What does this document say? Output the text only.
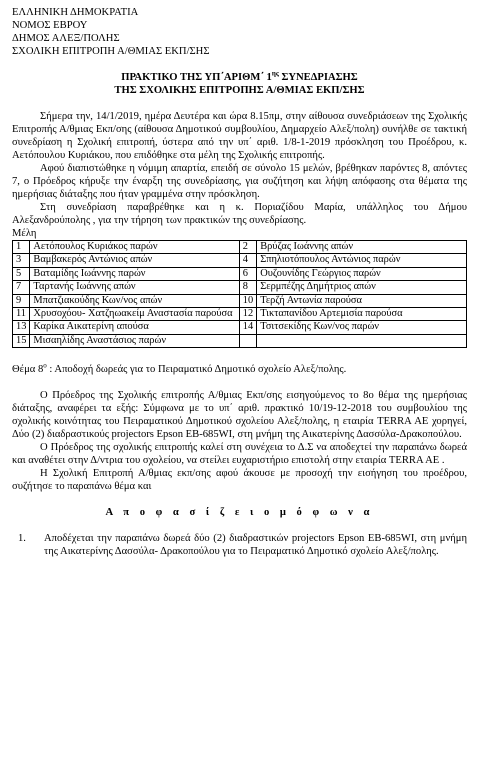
ΕΛΛΗΝΙΚΗ ΔΗΜΟΚΡΑΤΙΑ
ΝΟΜΟΣ ΕΒΡΟΥ
ΔΗΜΟΣ ΑΛΕΞ/ΠΟΛΗΣ
ΣΧΟΛΙΚΗ ΕΠΙΤΡΟΠΗ Α/ΘΜΙΑΣ ΕΚΠ/ΣΗΣ
ΠΡΑΚΤΙΚΟ ΤΗΣ ΥΠ΄ΑΡΙΘΜ΄ $1^{\eta\varsigma}$ ΣΥΝΕΔΡΙΑΣΗΣ
ΤΗΣ ΣΧΟΛΙΚΗΣ ΕΠΙΤΡΟΠΗΣ Α/ΘΜΙΑΣ ΕΚΠ/ΣΗΣ

Σήμερα την, 14/1/2019, ημέρα Δευτέρα και ώρα 8.15πμ, στην αίθουσα συνεδριάσεων της Σχολικής Επιτροπής Α/θμιας Εκπ/σης (αίθουσα Δημοτικού συμβουλίου, Δημαρχείο Αλεξ/πολη) συνήλθε σε τακτική συνεδρίαση η Σχολική επιτροπή, ύστερα από την υπ΄ αριθ. 1/8-1-2019 πρόσκληση του Προέδρου, κ. Αετόπουλου Κυριάκου, που επιδόθηκε στα μέλη της Σχολικής επιτροπής.

Αφού διαπιστώθηκε η νόμιμη απαρτία, επειδή σε σύνολο 15 μελών, βρέθηκαν παρόντες 8, απόντες 7, ο Πρόεδρος κήρυξε την έναρξη της συνεδρίασης, για συζήτηση και λήψη απόφασης στα θέματα της ημερήσιας διάταξης που ήταν γραμμένα στην πρόσκληση.

Στη συνεδρίαση παραβρέθηκε και η κ. Πoριαζίδου Μαρία, υπάλληλος του Δήμου Αλεξανδρούπολης , για την τήρηση των πρακτικών της συνεδρίασης.

Μέλη
1	Αετόπουλος Κυριάκος παρών	2	Βρύζας Ιωάννης απών
3	Βαμβακερός Αντώνιος απών	4	Σπηλιοτόπουλος Αντώνιος παρών
5	Βαταμίδης Ιωάννης παρών	6	Ουζουνίδης Γεώργιος παρών
7	Ταρτανής Ιωάννης απών	8	Σερμπέζης Δημήτριος απών
9	Μπατζιακούδης Κων/νος απών	10	Τερζή Αντωνία παρούσα
11	Χρυσοχόου- Χατζηωακείμ Αναστασία παρούσα	12	Τικταπανίδου Αρτεμισία παρούσα
13	Καρίκα Αικατερίνη απούσα	14	Τσιτσεκίδης Κων/νος παρών
15	Μισαηλίδης Αναστάσιος παρών		

Θέμα $8^o$ : Αποδοχή δωρεάς για το Πειραματικό Δημοτικό σχολείο Αλεξ/πολης.

Ο Πρόεδρος της Σχολικής επιτροπής Α/θμιας Εκπ/σης εισηγούμενος το 8ο θέμα της ημερήσιας διάταξης, αναφέρει τα εξής: Σύμφωνα με το υπ΄ αριθ. πρακτικό 10/19-12-2018 του συμβουλίου της σχολικής κοινότητας του Πειραματικού Δημοτικού σχολείου Αλεξ/πολης, η εταιρία TERRA AE χορηγεί, Δύο (2) διαδραστικούς projectors Epson EB-685WI, στη μνήμη της Αικατερίνης Δασσύλα-Δρακοπούλου.

Ο Πρόεδρος της σχολικής επιτροπής καλεί στη συνέχεια το Δ.Σ να αποδεχτεί την παραπάνω δωρεά και αναθέτει στην Δ/ντρια του σχολείου, να στείλει ευχαριστήριο επιστολή στην εταιρία TERRA AE .

Η Σχολική Επιτροπή Α/θμιας εκπ/σης αφού άκουσε με προσοχή την εισήγηση του προέδρου, συζήτησε το παραπάνω θέμα και

Α π ο φ α σ ί ζ ε ι ο μ ό φ ω ν α
1.	Αποδέχεται την παραπάνω δωρεά δύο (2) διαδραστικών projectors Epson EB-685WI, στη μνήμη της Αικατερίνης Δασσύλα- Δρακοπούλου για το Πειραματικό Δημοτικό σχολείο Αλεξ/πολης.
